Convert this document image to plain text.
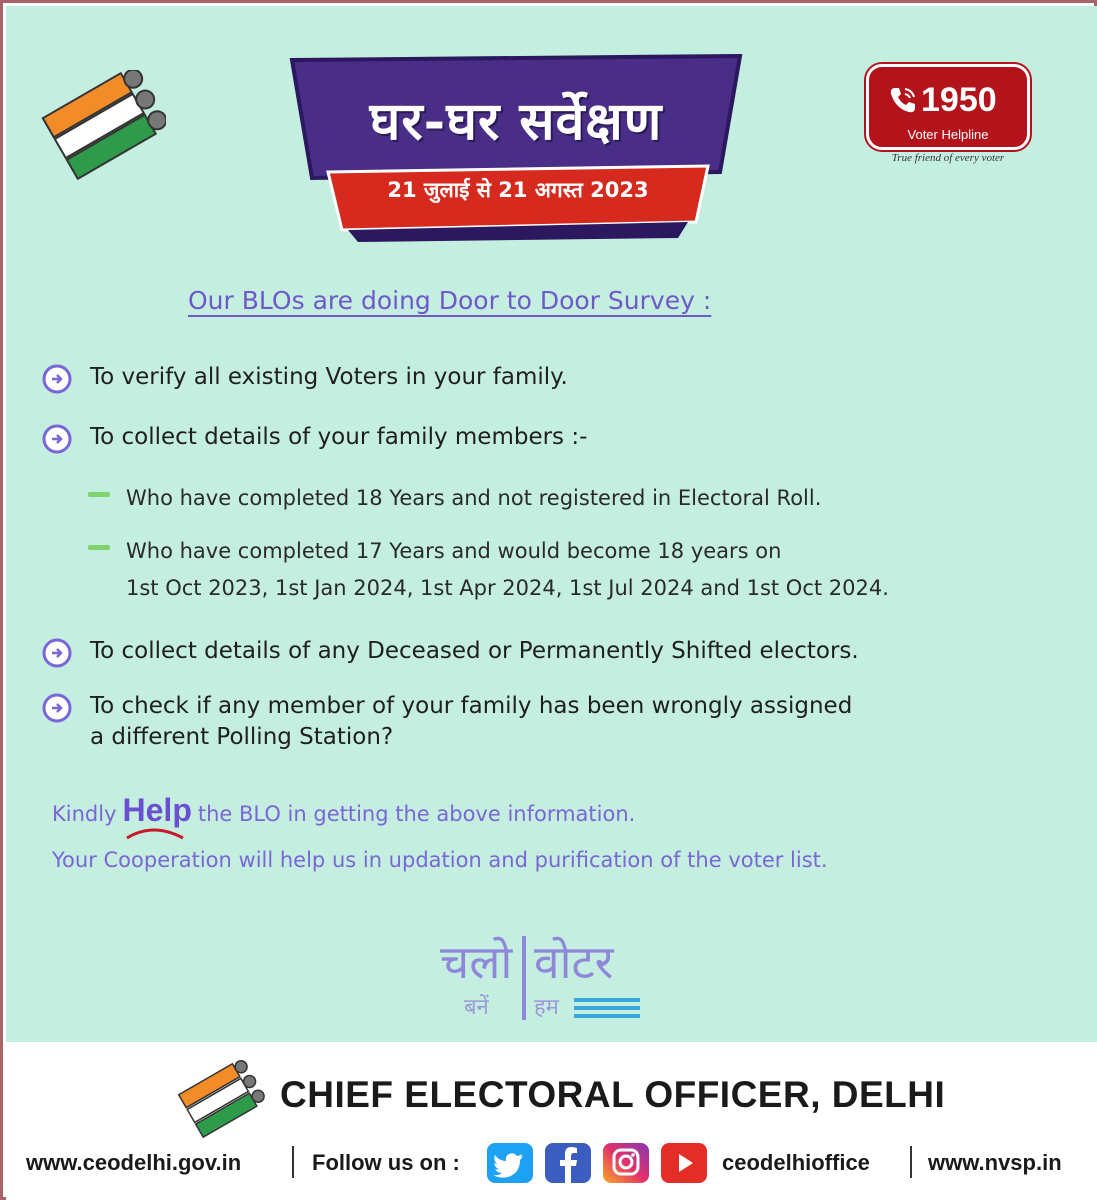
घर-घर सर्वेक्षण
21 जुलाई से 21 अगस्त 2023
1950
Voter Helpline
True friend of every voter
Our BLOs are doing Door to Door Survey :
To verify all existing Voters in your family.
To collect details of your family members :-
Who have completed 18 Years and not registered in Electoral Roll.
Who have completed 17 Years and would become 18 years on
1st Oct 2023, 1st Jan 2024, 1st Apr 2024, 1st Jul 2024 and 1st Oct 2024.
To collect details of any Deceased or Permanently Shifted electors.
To check if any member of your family has been wrongly assigned
a different Polling Station?
Kindly Help the BLO in getting the above information.
Your Cooperation will help us in updation and purification of the voter list.
चलो वोटर
बनें हम
CHIEF ELECTORAL OFFICER, DELHI
www.ceodelhi.gov.in	Follow us on :	ceodelhioffice	www.nvsp.in
